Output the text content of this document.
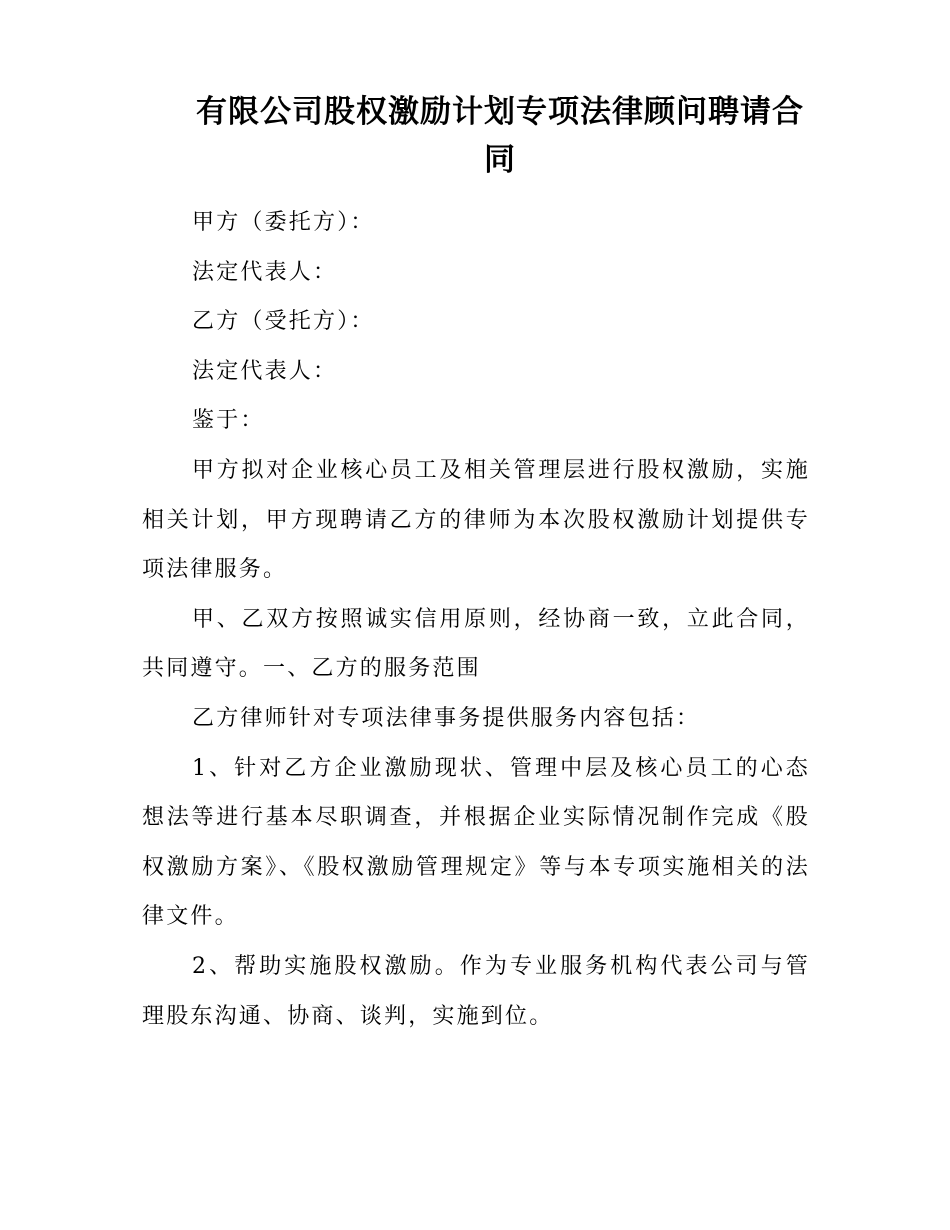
有限公司股权激励计划专项法律顾问聘请合同

甲方（委托方）：

法定代表人：

乙方（受托方）：

法定代表人：

鉴于：

甲方拟对企业核心员工及相关管理层进行股权激励，实施相关计划，甲方现聘请乙方的律师为本次股权激励计划提供专项法律服务。

甲、乙双方按照诚实信用原则，经协商一致，立此合同，共同遵守。一、乙方的服务范围

乙方律师针对专项法律事务提供服务内容包括：

1、针对乙方企业激励现状、管理中层及核心员工的心态想法等进行基本尽职调查，并根据企业实际情况制作完成《股权激励方案》、《股权激励管理规定》等与本专项实施相关的法律文件。

2、帮助实施股权激励。作为专业服务机构代表公司与管理股东沟通、协商、谈判，实施到位。
